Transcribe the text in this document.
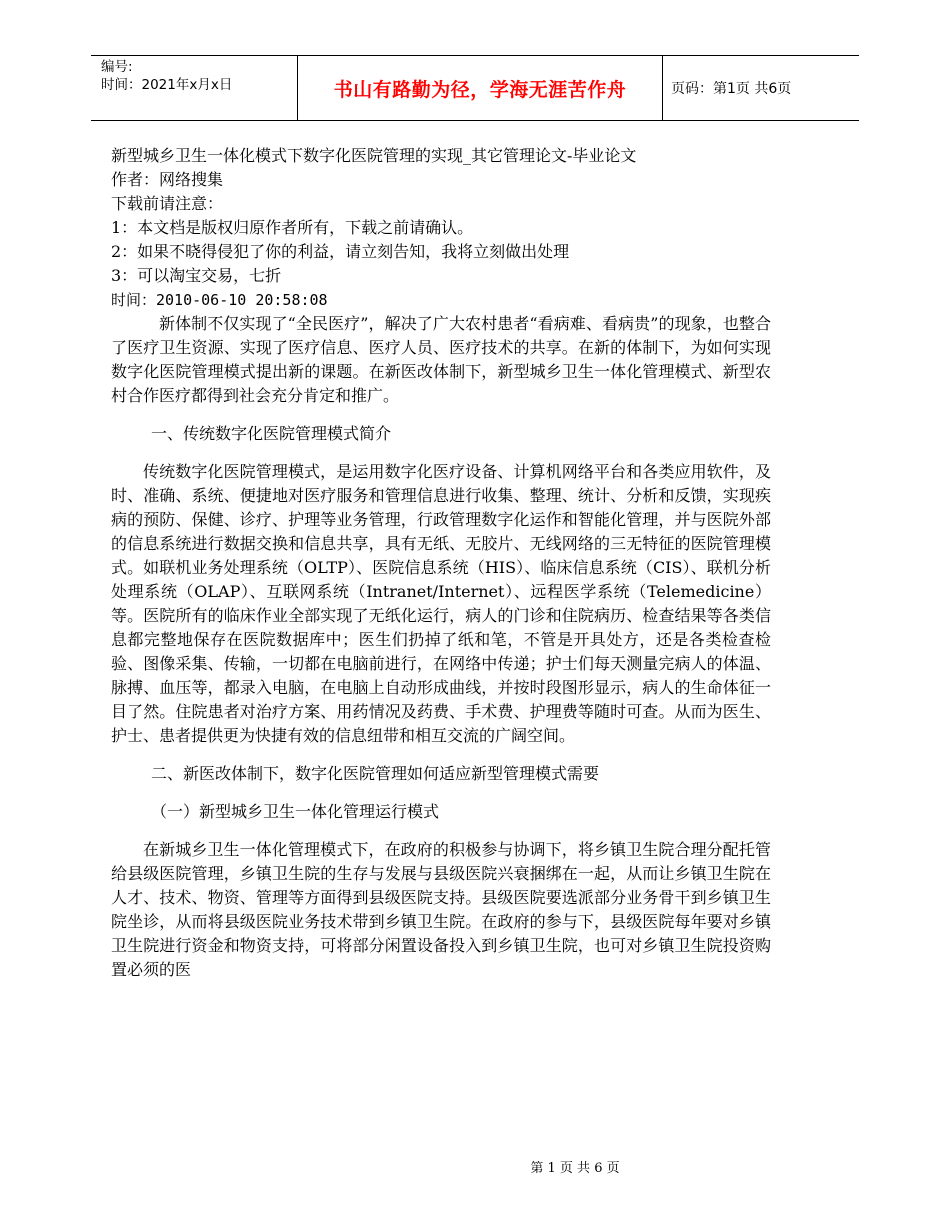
编号:
时间：2021年x月x日	书山有路勤为径，学海无涯苦作舟	页码：第1页 共6页
新型城乡卫生一体化模式下数字化医院管理的实现_其它管理论文-毕业论文
作者：网络搜集
下载前请注意：
1：本文档是版权归原作者所有，下载之前请确认。
2：如果不晓得侵犯了你的利益，请立刻告知，我将立刻做出处理
3：可以淘宝交易，七折
时间：2010-06-10 20:58:08
新体制不仅实现了“全民医疗”，解决了广大农村患者“看病难、看病贵”的现象，也整合了医疗卫生资源、实现了医疗信息、医疗人员、医疗技术的共享。在新的体制下，为如何实现数字化医院管理模式提出新的课题。在新医改体制下，新型城乡卫生一体化管理模式、新型农村合作医疗都得到社会充分肯定和推广。
一、传统数字化医院管理模式简介
传统数字化医院管理模式，是运用数字化医疗设备、计算机网络平台和各类应用软件，及时、准确、系统、便捷地对医疗服务和管理信息进行收集、整理、统计、分析和反馈，实现疾病的预防、保健、诊疗、护理等业务管理，行政管理数字化运作和智能化管理，并与医院外部的信息系统进行数据交换和信息共享，具有无纸、无胶片、无线网络的三无特征的医院管理模式。如联机业务处理系统（OLTP）、医院信息系统（HIS）、临床信息系统（CIS）、联机分析处理系统（OLAP）、互联网系统（Intranet/Internet）、远程医学系统（Telemedicine）等。医院所有的临床作业全部实现了无纸化运行，病人的门诊和住院病历、检查结果等各类信息都完整地保存在医院数据库中；医生们扔掉了纸和笔，不管是开具处方，还是各类检查检验、图像采集、传输，一切都在电脑前进行，在网络中传递；护士们每天测量完病人的体温、脉搏、血压等，都录入电脑，在电脑上自动形成曲线，并按时段图形显示，病人的生命体征一目了然。住院患者对治疗方案、用药情况及药费、手术费、护理费等随时可查。从而为医生、护士、患者提供更为快捷有效的信息纽带和相互交流的广阔空间。
二、新医改体制下，数字化医院管理如何适应新型管理模式需要
（一）新型城乡卫生一体化管理运行模式
在新城乡卫生一体化管理模式下，在政府的积极参与协调下，将乡镇卫生院合理分配托管给县级医院管理，乡镇卫生院的生存与发展与县级医院兴衰捆绑在一起，从而让乡镇卫生院在人才、技术、物资、管理等方面得到县级医院支持。县级医院要选派部分业务骨干到乡镇卫生院坐诊，从而将县级医院业务技术带到乡镇卫生院。在政府的参与下，县级医院每年要对乡镇卫生院进行资金和物资支持，可将部分闲置设备投入到乡镇卫生院，也可对乡镇卫生院投资购置必须的医
第 1 页 共 6 页
